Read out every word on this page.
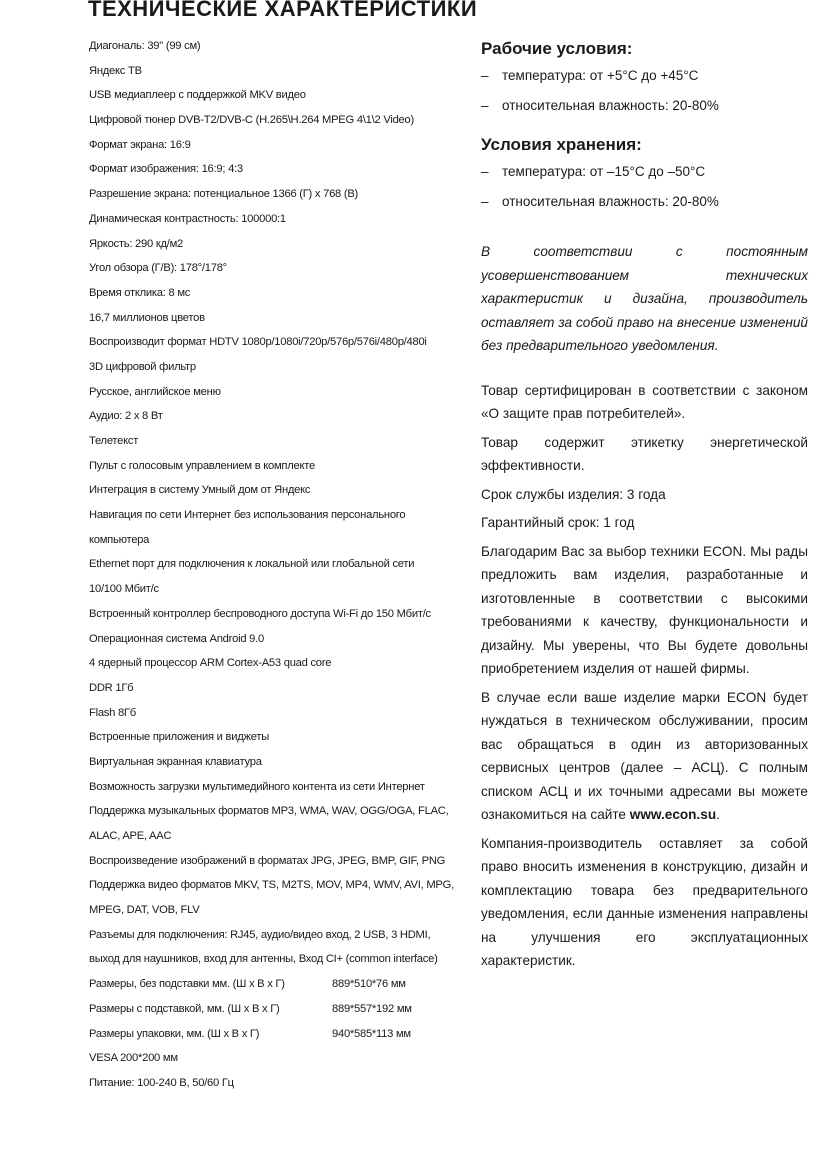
ТЕХНИЧЕСКИЕ ХАРАКТЕРИСТИКИ
Диагональ: 39" (99 см)
Яндекс ТВ
USB медиаплеер с поддержкой MKV видео
Цифровой тюнер DVB-T2/DVB-C (H.265\H.264 MPEG 4\1\2 Video)
Формат экрана: 16:9
Формат изображения: 16:9; 4:3
Разрешение экрана: потенциальное 1366 (Г) х 768 (В)
Динамическая контрастность: 100000:1
Яркость: 290 кд/м2
Угол обзора (Г/В): 178°/178°
Время отклика: 8 мс
16,7 миллионов цветов
Воспроизводит формат HDTV 1080p/1080i/720p/576p/576i/480p/480i
3D цифровой фильтр
Русское, английское меню
Аудио: 2 х 8 Вт
Телетекст
Пульт с голосовым управлением в комплекте
Интеграция в систему Умный дом от Яндекс
Навигация по сети Интернет без использования персонального
компьютера
Ethernet порт для подключения к локальной или глобальной сети
10/100 Мбит/с
Встроенный контроллер беспроводного доступа Wi-Fi до 150 Мбит/с
Операционная система Android 9.0
4 ядерный процессор ARM Cortex-A53 quad core
DDR 1Гб
Flash 8Гб
Встроенные приложения и виджеты
Виртуальная экранная клавиатура
Возможность загрузки мультимедийного контента из сети Интернет
Поддержка музыкальных форматов MP3, WMA, WAV, OGG/OGA, FLAC,
ALAC, APE, AAC
Воспроизведение изображений в форматах JPG, JPEG, BMP, GIF, PNG
Поддержка видео форматов MKV, TS, M2TS, MOV, MP4, WMV, AVI, MPG,
MPEG, DAT, VOB, FLV
Разъемы для подключения: RJ45, аудио/видео вход, 2 USB, 3 HDMI,
выход для наушников, вход для антенны, Вход CI+ (common interface)
Размеры, без подставки мм. (Ш х В х Г)	889*510*76 мм
Размеры с подставкой, мм. (Ш х В х Г)	889*557*192 мм
Размеры упаковки, мм. (Ш х В х Г)	940*585*113 мм
VESA 200*200 мм
Питание: 100-240 В, 50/60 Гц
Рабочие условия:
– температура: от +5°С до +45°С
– относительная влажность: 20-80%
Условия хранения:
– температура: от –15°С до –50°С
– относительная влажность: 20-80%

В соответствии с постоянным усовершенствованием технических характеристик и дизайна, производитель оставляет за собой право на внесение изменений без предварительного уведомления.

Товар сертифицирован в соответствии с законом «О защите прав потребителей».

Товар содержит этикетку энергетической эффективности.

Срок службы изделия: 3 года

Гарантийный срок: 1 год

Благодарим Вас за выбор техники ECON. Мы рады предложить вам изделия, разработанные и изготовленные в соответствии с высокими требованиями к качеству, функциональности и дизайну. Мы уверены, что Вы будете довольны приобретением изделия от нашей фирмы.

В случае если ваше изделие марки ECON будет нуждаться в техническом обслуживании, просим вас обращаться в один из авторизованных сервисных центров (далее – АСЦ). С полным списком АСЦ и их точными адресами вы можете ознакомиться на сайте www.econ.su.

Компания-производитель оставляет за собой право вносить изменения в конструкцию, дизайн и комплектацию товара без предварительного уведомления, если данные изменения направлены на улучшения его эксплуатационных характеристик.
